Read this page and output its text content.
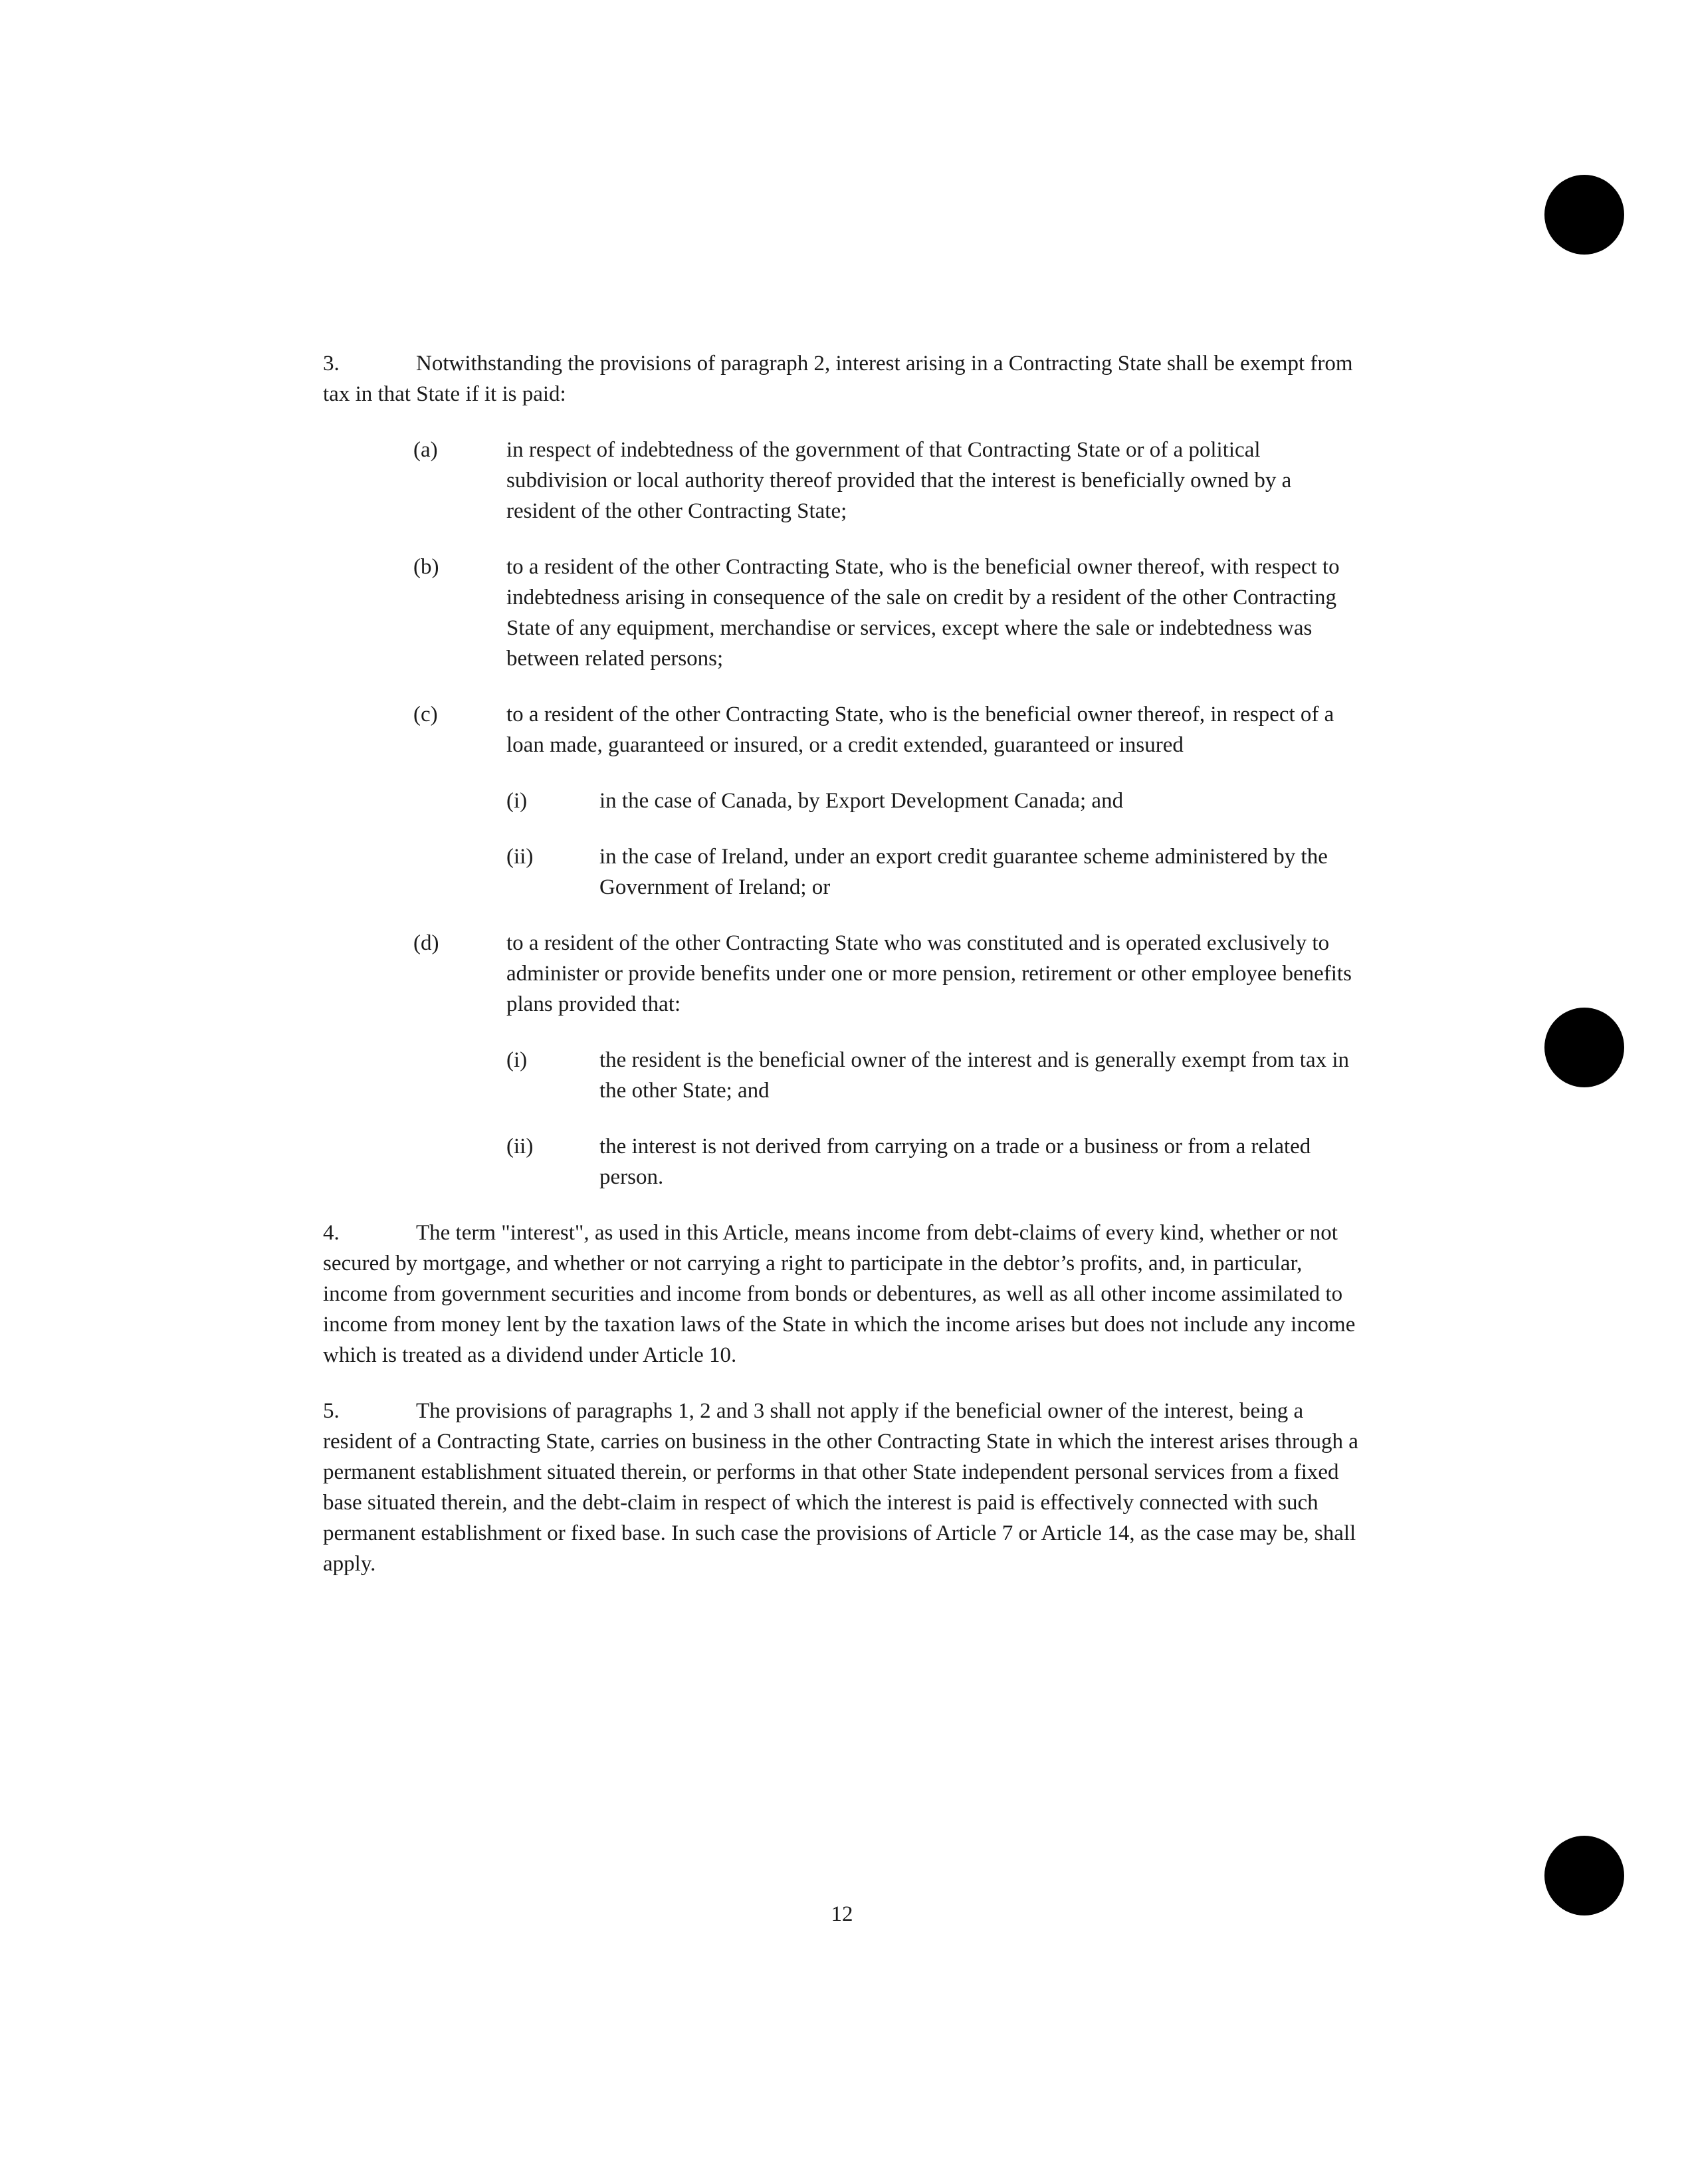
3.	Notwithstanding the provisions of paragraph 2, interest arising in a Contracting State shall be exempt from tax in that State if it is paid:

(a)	in respect of indebtedness of the government of that Contracting State or of a political subdivision or local authority thereof provided that the interest is beneficially owned by a resident of the other Contracting State;
(b)	to a resident of the other Contracting State, who is the beneficial owner thereof, with respect to indebtedness arising in consequence of the sale on credit by a resident of the other Contracting State of any equipment, merchandise or services, except where the sale or indebtedness was between related persons;
(c)	to a resident of the other Contracting State, who is the beneficial owner thereof, in respect of a loan made, guaranteed or insured, or a credit extended, guaranteed or insured
(i)	in the case of Canada, by Export Development Canada; and
(ii)	in the case of Ireland, under an export credit guarantee scheme administered by the Government of Ireland; or
(d)	to a resident of the other Contracting State who was constituted and is operated exclusively to administer or provide benefits under one or more pension, retirement or other employee benefits plans provided that:
(i)	the resident is the beneficial owner of the interest and is generally exempt from tax in the other State; and
(ii)	the interest is not derived from carrying on a trade or a business or from a related person.

4.	The term "interest", as used in this Article, means income from debt-claims of every kind, whether or not secured by mortgage, and whether or not carrying a right to participate in the debtor’s profits, and, in particular, income from government securities and income from bonds or debentures, as well as all other income assimilated to income from money lent by the taxation laws of the State in which the income arises but does not include any income which is treated as a dividend under Article 10.

5.	The provisions of paragraphs 1, 2 and 3 shall not apply if the beneficial owner of the interest, being a resident of a Contracting State, carries on business in the other Contracting State in which the interest arises through a permanent establishment situated therein, or performs in that other State independent personal services from a fixed base situated therein, and the debt-claim in respect of which the interest is paid is effectively connected with such permanent establishment or fixed base. In such case the provisions of Article 7 or Article 14, as the case may be, shall apply.

12
